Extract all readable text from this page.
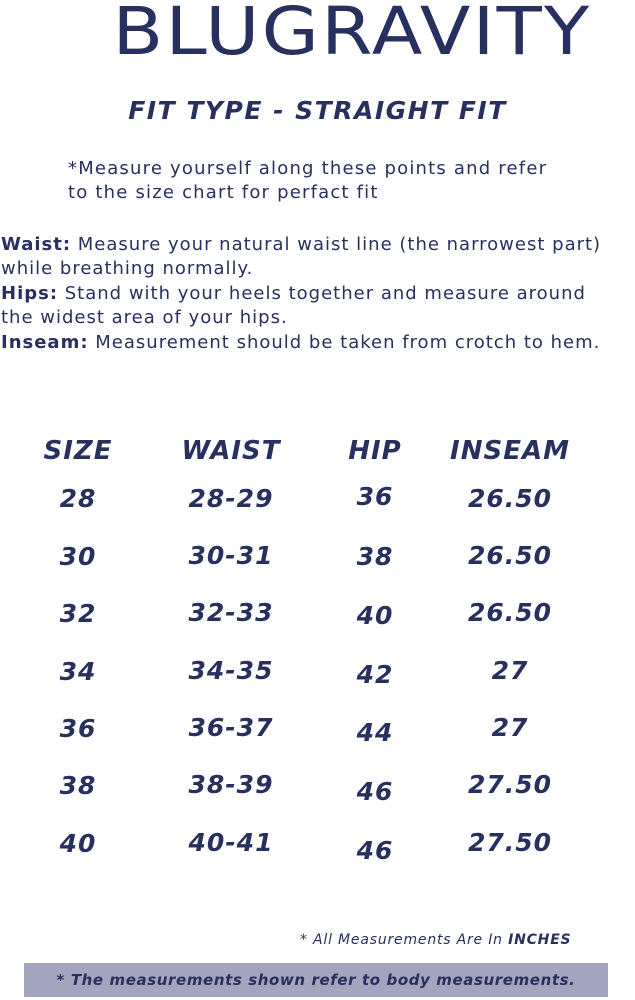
BLUGRAVITY
FIT TYPE - STRAIGHT FIT
*Measure yourself along these points and refer
to the size chart for perfact fit
Waist: Measure your natural waist line (the narrowest part)
while breathing normally.
Hips: Stand with your heels together and measure around
the widest area of your hips.
Inseam: Measurement should be taken from crotch to hem.
SIZE	WAIST	HIP	INSEAM
28	28-29	36	26.50
30	30-31	38	26.50
32	32-33	40	26.50
34	34-35	42	27
36	36-37	44	27
38	38-39	46	27.50
40	40-41	46	27.50
* All Measurements Are In INCHES
* The measurements shown refer to body measurements.
